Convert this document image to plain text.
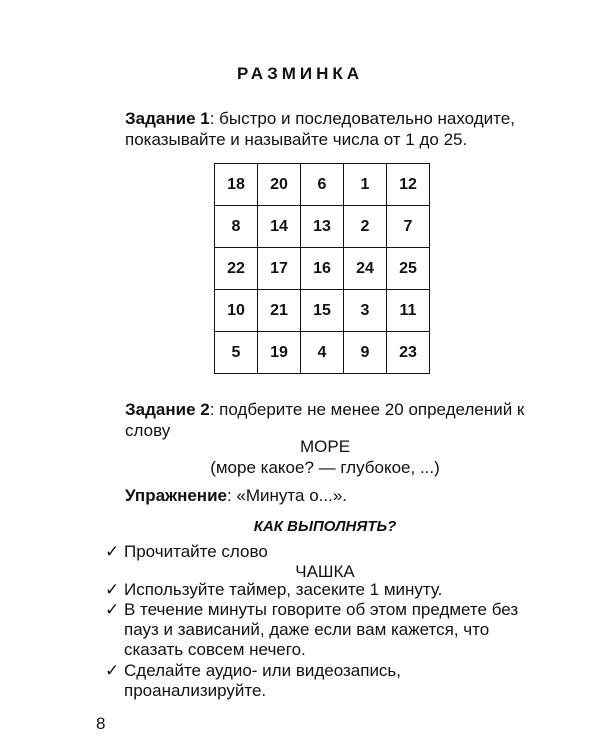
РАЗМИНКА
Задание 1: быстро и последовательно находите, показывайте и называйте числа от 1 до 25.
18	20	6	1	12
8	14	13	2	7
22	17	16	24	25
10	21	15	3	11
5	19	4	9	23
Задание 2: подберите не менее 20 определений к слову
МОРЕ
(море какое? — глубокое, ...)
Упражнение: «Минута о...».
КАК ВЫПОЛНЯТЬ?
✓ Прочитайте слово
ЧАШКА
✓ Используйте таймер, засеките 1 минуту.
✓ В течение минуты говорите об этом предмете без пауз и зависаний, даже если вам кажется, что сказать совсем нечего.
✓ Сделайте аудио- или видеозапись, проанализируйте.
8
